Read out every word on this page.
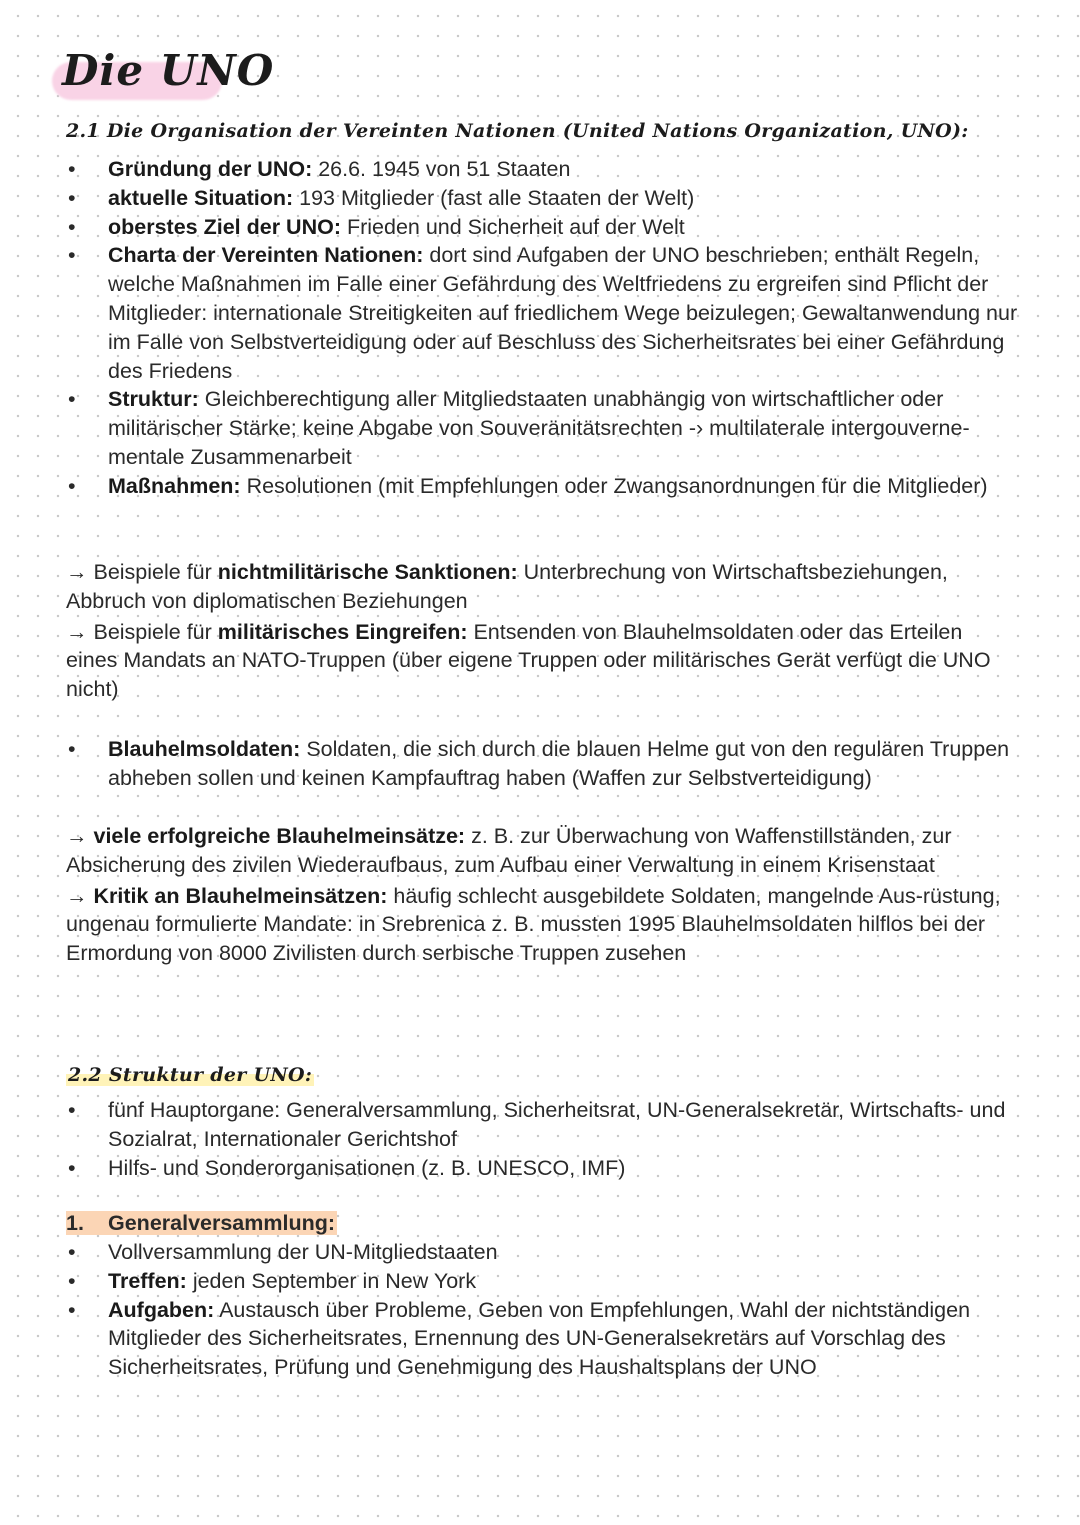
Die UNO
2.1 Die Organisation der Vereinten Nationen (United Nations Organization, UNO):
• Gründung der UNO: 26.6. 1945 von 51 Staaten
• aktuelle Situation: 193 Mitglieder (fast alle Staaten der Welt)
• oberstes Ziel der UNO: Frieden und Sicherheit auf der Welt
• Charta der Vereinten Nationen: dort sind Aufgaben der UNO beschrieben; enthält Regeln, welche Maßnahmen im Falle einer Gefährdung des Weltfriedens zu ergreifen sind Pflicht der Mitglieder: internationale Streitigkeiten auf friedlichem Wege beizulegen; Gewaltanwendung nur im Falle von Selbstverteidigung oder auf Beschluss des Sicherheitsrates bei einer Gefährdung des Friedens
• Struktur: Gleichberechtigung aller Mitgliedstaaten unabhängig von wirtschaftlicher oder militärischer Stärke; keine Abgabe von Souveränitätsrechten -› multilaterale intergouverne-mentale Zusammenarbeit
• Maßnahmen: Resolutionen (mit Empfehlungen oder Zwangsanordnungen für die Mitglieder)

→ Beispiele für nichtmilitärische Sanktionen: Unterbrechung von Wirtschaftsbeziehungen, Abbruch von diplomatischen Beziehungen

→ Beispiele für militärisches Eingreifen: Entsenden von Blauhelmsoldaten oder das Erteilen eines Mandats an NATO-Truppen (über eigene Truppen oder militärisches Gerät verfügt die UNO nicht)

• Blauhelmsoldaten: Soldaten, die sich durch die blauen Helme gut von den regulären Truppen abheben sollen und keinen Kampfauftrag haben (Waffen zur Selbstverteidigung)

→ viele erfolgreiche Blauhelmeinsätze: z. B. zur Überwachung von Waffenstillständen, zur Absicherung des zivilen Wiederaufbaus, zum Aufbau einer Verwaltung in einem Krisenstaat

→ Kritik an Blauhelmeinsätzen: häufig schlecht ausgebildete Soldaten, mangelnde Aus-rüstung, ungenau formulierte Mandate: in Srebrenica z. B. mussten 1995 Blauhelmsoldaten hilflos bei der Ermordung von 8000 Zivilisten durch serbische Truppen zusehen

2.2 Struktur der UNO:
• fünf Hauptorgane: Generalversammlung, Sicherheitsrat, UN-Generalsekretär, Wirtschafts- und Sozialrat, Internationaler Gerichtshof
• Hilfs- und Sonderorganisationen (z. B. UNESCO, IMF)
1. Generalversammlung:
• Vollversammlung der UN-Mitgliedstaaten
• Treffen: jeden September in New York
• Aufgaben: Austausch über Probleme, Geben von Empfehlungen, Wahl der nichtständigen Mitglieder des Sicherheitsrates, Ernennung des UN-Generalsekretärs auf Vorschlag des Sicherheitsrates, Prüfung und Genehmigung des Haushaltsplans der UNO
